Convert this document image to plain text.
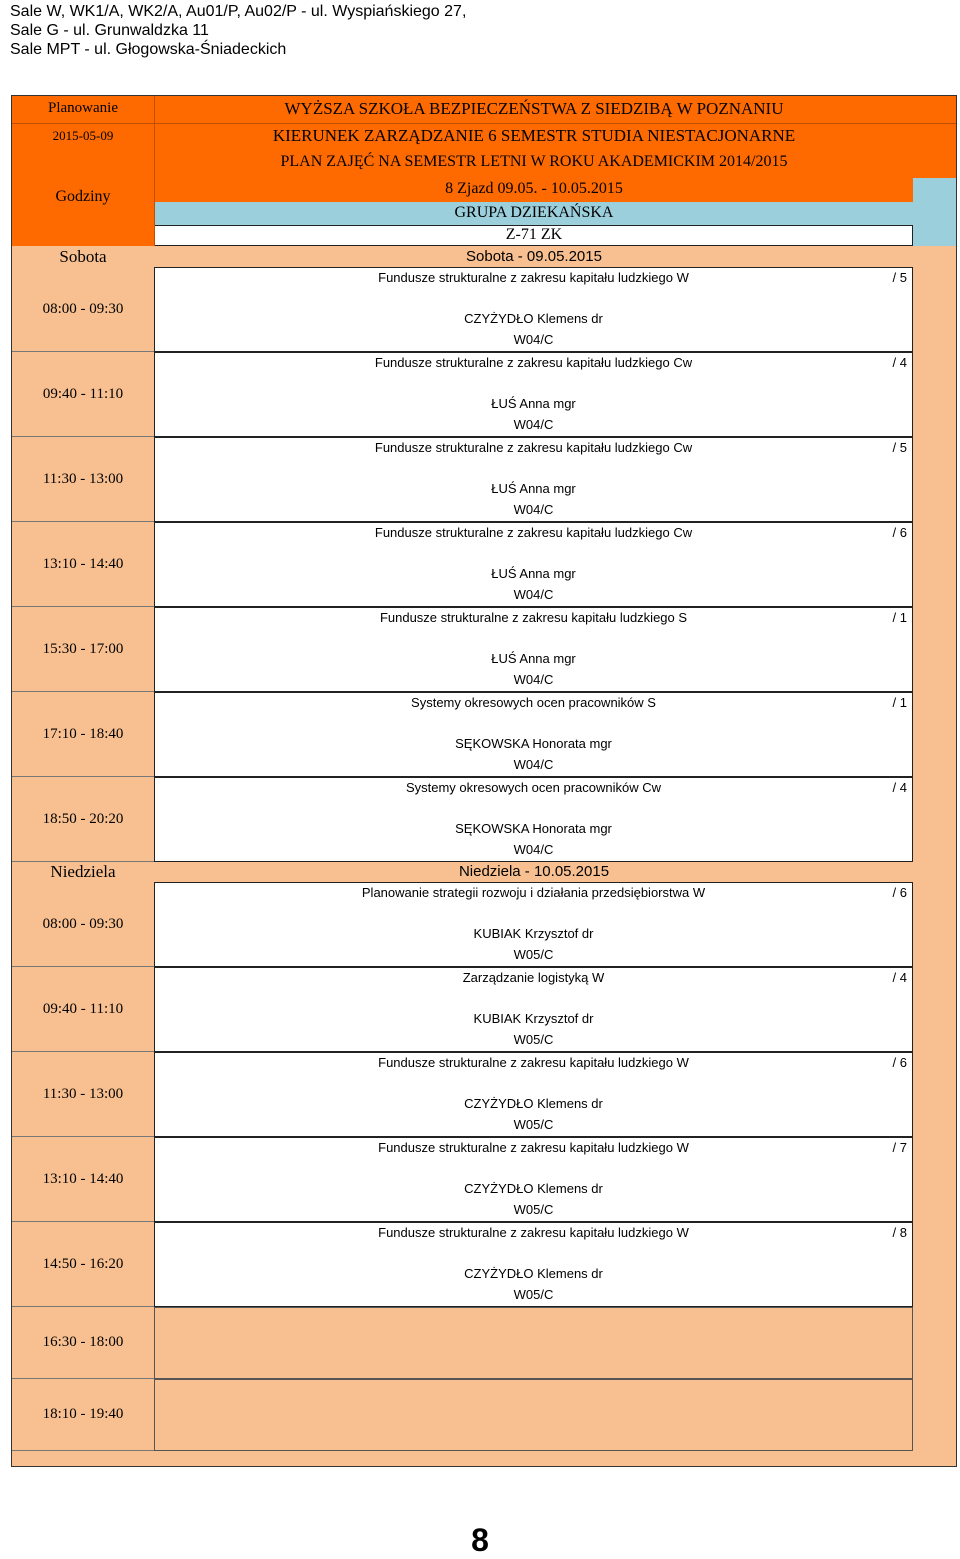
Sale W, WK1/A, WK2/A, Au01/P, Au02/P - ul. Wyspiańskiego 27,
Sale G - ul. Grunwaldzka 11
Sale MPT - ul. Głogowska-Śniadeckich
Planowanie
2015-05-09
Godziny
WYŻSZA SZKOŁA BEZPIECZEŃSTWA Z SIEDZIBĄ W POZNANIU
KIERUNEK ZARZĄDZANIE 6 SEMESTR STUDIA NIESTACJONARNE
PLAN ZAJĘĆ NA SEMESTR LETNI W ROKU AKADEMICKIM 2014/2015
8 Zjazd 09.05. - 10.05.2015
GRUPA DZIEKAŃSKA
Z-71 ZK
Sobota	Sobota - 09.05.2015
08:00 - 09:30
Fundusze strukturalne z zakresu kapitału ludzkiego W	/ 5
CZYŻYDŁO Klemens dr
W04/C
09:40 - 11:10
Fundusze strukturalne z zakresu kapitału ludzkiego Cw	/ 4
ŁUŚ Anna mgr
W04/C
11:30 - 13:00
Fundusze strukturalne z zakresu kapitału ludzkiego Cw	/ 5
ŁUŚ Anna mgr
W04/C
13:10 - 14:40
Fundusze strukturalne z zakresu kapitału ludzkiego Cw	/ 6
ŁUŚ Anna mgr
W04/C
15:30 - 17:00
Fundusze strukturalne z zakresu kapitału ludzkiego S	/ 1
ŁUŚ Anna mgr
W04/C
17:10 - 18:40
Systemy okresowych ocen pracowników S	/ 1
SĘKOWSKA Honorata mgr
W04/C
18:50 - 20:20
Systemy okresowych ocen pracowników Cw	/ 4
SĘKOWSKA Honorata mgr
W04/C
Niedziela	Niedziela - 10.05.2015
08:00 - 09:30
Planowanie strategii rozwoju i działania przedsiębiorstwa W	/ 6
KUBIAK Krzysztof dr
W05/C
09:40 - 11:10
Zarządzanie logistyką W	/ 4
KUBIAK Krzysztof dr
W05/C
11:30 - 13:00
Fundusze strukturalne z zakresu kapitału ludzkiego W	/ 6
CZYŻYDŁO Klemens dr
W05/C
13:10 - 14:40
Fundusze strukturalne z zakresu kapitału ludzkiego W	/ 7
CZYŻYDŁO Klemens dr
W05/C
14:50 - 16:20
Fundusze strukturalne z zakresu kapitału ludzkiego W	/ 8
CZYŻYDŁO Klemens dr
W05/C
16:30 - 18:00
18:10 - 19:40
8
